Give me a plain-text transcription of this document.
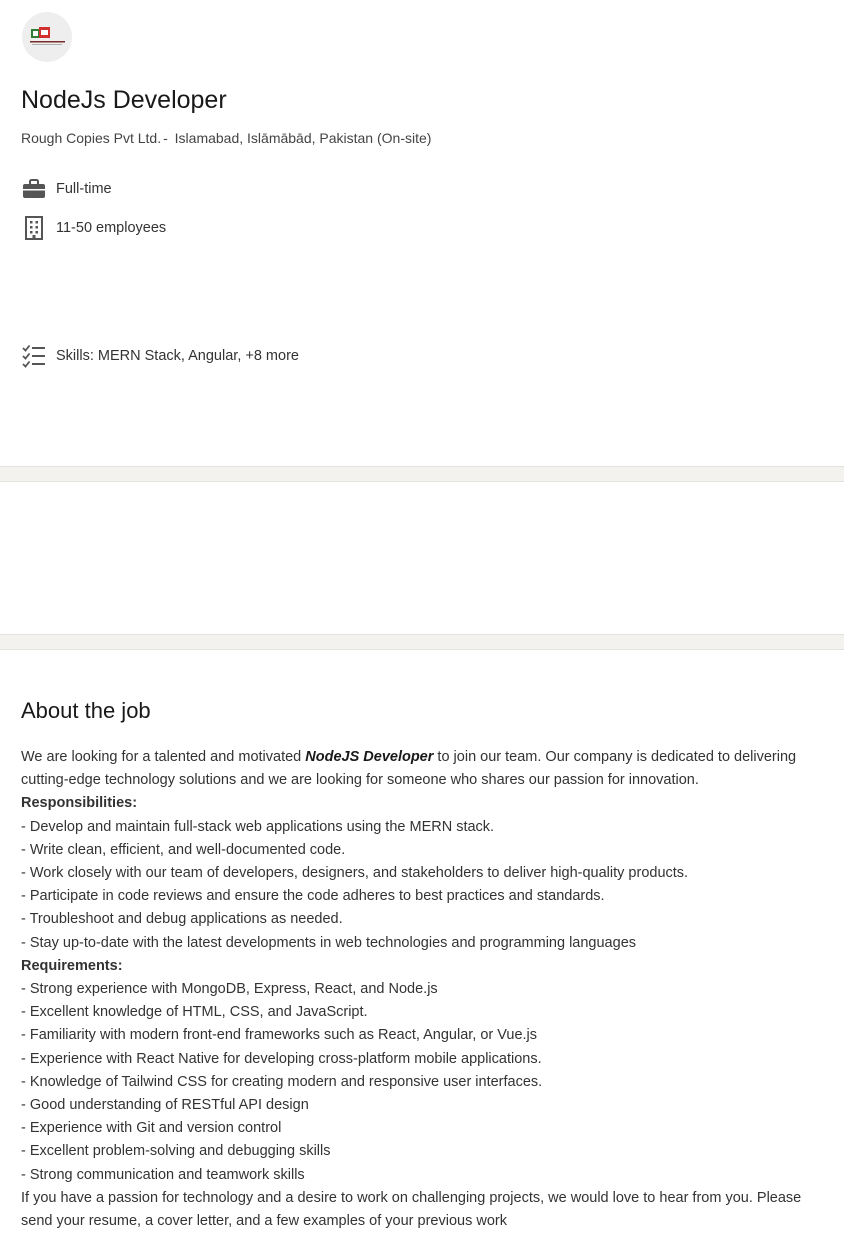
NodeJs Developer
Rough Copies Pvt Ltd. - Islamabad, Islāmābād, Pakistan (On-site)
Full-time
11-50 employees
Skills: MERN Stack, Angular, +8 more
About the job

We are looking for a talented and motivated NodeJS Developer to join our team. Our company is dedicated to delivering cutting-edge technology solutions and we are looking for someone who shares our passion for innovation.

Responsibilities:
- Develop and maintain full-stack web applications using the MERN stack.
- Write clean, efficient, and well-documented code.
- Work closely with our team of developers, designers, and stakeholders to deliver high-quality products.
- Participate in code reviews and ensure the code adheres to best practices and standards.
- Troubleshoot and debug applications as needed.
- Stay up-to-date with the latest developments in web technologies and programming languages
Requirements:
- Strong experience with MongoDB, Express, React, and Node.js
- Excellent knowledge of HTML, CSS, and JavaScript.
- Familiarity with modern front-end frameworks such as React, Angular, or Vue.js
- Experience with React Native for developing cross-platform mobile applications.
- Knowledge of Tailwind CSS for creating modern and responsive user interfaces.
- Good understanding of RESTful API design
- Experience with Git and version control
- Excellent problem-solving and debugging skills
- Strong communication and teamwork skills

If you have a passion for technology and a desire to work on challenging projects, we would love to hear from you. Please send your resume, a cover letter, and a few examples of your previous work
